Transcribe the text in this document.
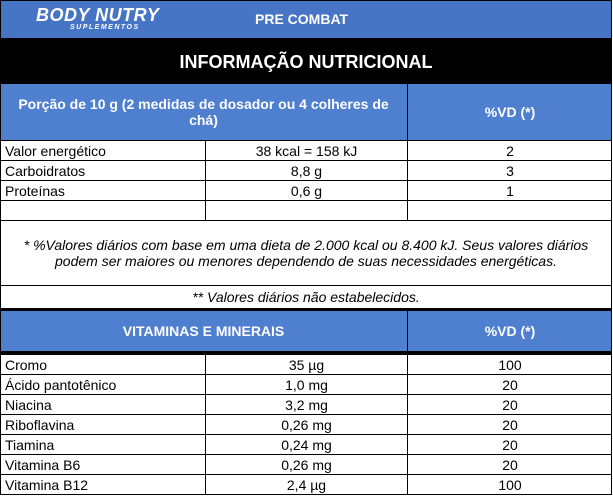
BODY NUTRY
SUPLEMENTOS
PRE COMBAT
INFORMAÇÃO NUTRICIONAL
Porção de 10 g (2 medidas de dosador ou 4 colheres de chá)	%VD (*)
Valor energético	38 kcal = 158 kJ	2
Carboidratos	8,8 g	3
Proteínas	0,6 g	1
* %Valores diários com base em uma dieta de 2.000 kcal ou 8.400 kJ. Seus valores diários podem ser maiores ou menores dependendo de suas necessidades energéticas.
** Valores diários não estabelecidos.
VITAMINAS E MINERAIS	%VD (*)
Cromo	35 µg	100
Ácido pantotênico	1,0 mg	20
Niacina	3,2 mg	20
Riboflavina	0,26 mg	20
Tiamina	0,24 mg	20
Vitamina B6	0,26 mg	20
Vitamina B12	2,4 µg	100
